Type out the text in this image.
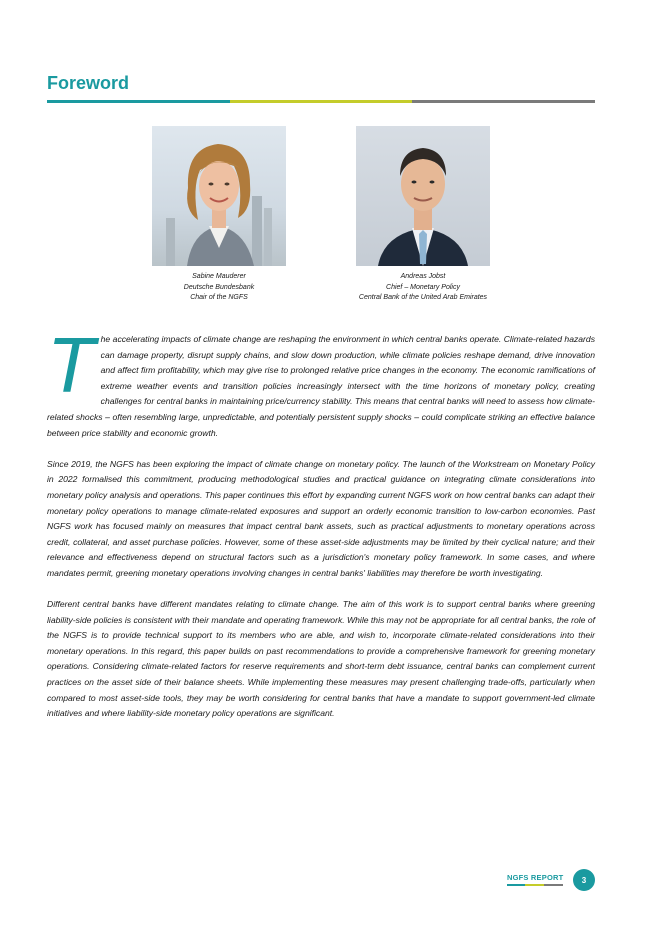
Foreword
Sabine Mauderer
Deutsche Bundesbank
Chair of the NGFS
Andreas Jobst
Chief – Monetary Policy
Central Bank of the United Arab Emirates

The accelerating impacts of climate change are reshaping the environment in which central banks operate. Climate-related hazards can damage property, disrupt supply chains, and slow down production, while climate policies reshape demand, drive innovation and affect firm profitability, which may give rise to prolonged relative price changes in the economy. The economic ramifications of extreme weather events and transition policies increasingly intersect with the time horizons of monetary policy, creating challenges for central banks in maintaining price/currency stability. This means that central banks will need to assess how climate-related shocks – often resembling large, unpredictable, and potentially persistent supply shocks – could complicate striking an effective balance between price stability and economic growth.

Since 2019, the NGFS has been exploring the impact of climate change on monetary policy. The launch of the Workstream on Monetary Policy in 2022 formalised this commitment, producing methodological studies and practical guidance on integrating climate considerations into monetary policy analysis and operations. This paper continues this effort by expanding current NGFS work on how central banks can adapt their monetary policy operations to manage climate-related exposures and support an orderly economic transition to low-carbon economies. Past NGFS work has focused mainly on measures that impact central bank assets, such as practical adjustments to monetary operations across credit, collateral, and asset purchase policies. However, some of these asset-side adjustments may be limited by their cyclical nature; and their relevance and effectiveness depend on structural factors such as a jurisdiction's monetary policy framework. In some cases, and where mandates permit, greening monetary operations involving changes in central banks' liabilities may therefore be worth investigating.

Different central banks have different mandates relating to climate change. The aim of this work is to support central banks where greening liability-side policies is consistent with their mandate and operating framework. While this may not be appropriate for all central banks, the role of the NGFS is to provide technical support to its members who are able, and wish to, incorporate climate-related considerations into their monetary operations. In this regard, this paper builds on past recommendations to provide a comprehensive framework for greening monetary operations. Considering climate-related factors for reserve requirements and short-term debt issuance, central banks can complement current practices on the asset side of their balance sheets. While implementing these measures may present challenging trade-offs, particularly when compared to most asset-side tools, they may be worth considering for central banks that have a mandate to support government-led climate initiatives and where liability-side monetary policy operations are significant.

NGFS REPORT	3
